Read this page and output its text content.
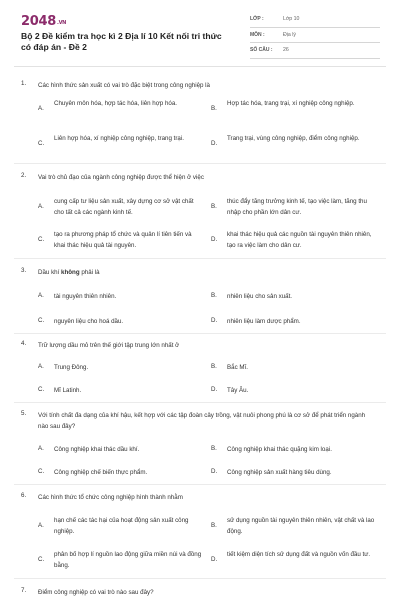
2048.VN
Bộ 2 Đề kiểm tra học kì 2 Địa lí 10 Kết nối tri thức có đáp án - Đề 2
LỚP :	Lớp 10
MÔN :	Địa lý
SỐ CÂU :	26
1. Các hình thức sản xuất có vai trò đặc biệt trong công nghiệp là
A.
Chuyên môn hóa, hợp tác hóa, liên hợp hóa.
B.
Hợp tác hóa, trang trại, xí nghiệp công nghiệp.
C.
Liên hợp hóa, xí nghiệp công nghiệp, trang trại.
D.
Trang trại, vùng công nghiệp, điểm công nghiệp.
2. Vai trò chủ đạo của ngành công nghiệp được thể hiện ở việc
A.
cung cấp tư liệu sản xuất, xây dựng cơ sở vật chất cho tất cả các ngành kinh tế.
B.
thúc đẩy tăng trưởng kinh tế, tạo việc làm, tăng thu nhập cho phần lớn dân cư.
C.
tạo ra phương pháp tổ chức và quản lí tiên tiến và khai thác hiệu quả tài nguyên.
D.
khai thác hiệu quả các nguồn tài nguyên thiên nhiên, tạo ra việc làm cho dân cư.
3. Dầu khí không phải là
A. tài nguyên thiên nhiên.	B. nhiên liệu cho sản xuất.
C. nguyên liệu cho hoá dầu.	D. nhiên liệu làm dược phẩm.
4. Trữ lượng dầu mỏ trên thế giới tập trung lớn nhất ở
A. Trung Đông.	B. Bắc Mĩ.
C. Mĩ Latinh.	D. Tây Âu.
5. Với tính chất đa dạng của khí hậu, kết hợp với các tập đoàn cây trồng, vật nuôi phong phú là cơ sở để phát triển ngành nào sau đây?
A. Công nghiệp khai thác dầu khí.	B. Công nghiệp khai thác quặng kim loại.
C. Công nghiệp chế biến thực phẩm.	D. Công nghiệp sản xuất hàng tiêu dùng.
6. Các hình thức tổ chức công nghiệp hình thành nhằm
A.
hạn chế các tác hại của hoạt động sản xuất công nghiệp.
B.
sử dụng nguồn tài nguyên thiên nhiên, vật chất và lao động.
C.
phân bố hợp lí nguồn lao động giữa miền núi và đồng bằng.
D.
tiết kiệm diện tích sử dụng đất và nguồn vốn đầu tư.
7. Điểm công nghiệp có vai trò nào sau đây?
